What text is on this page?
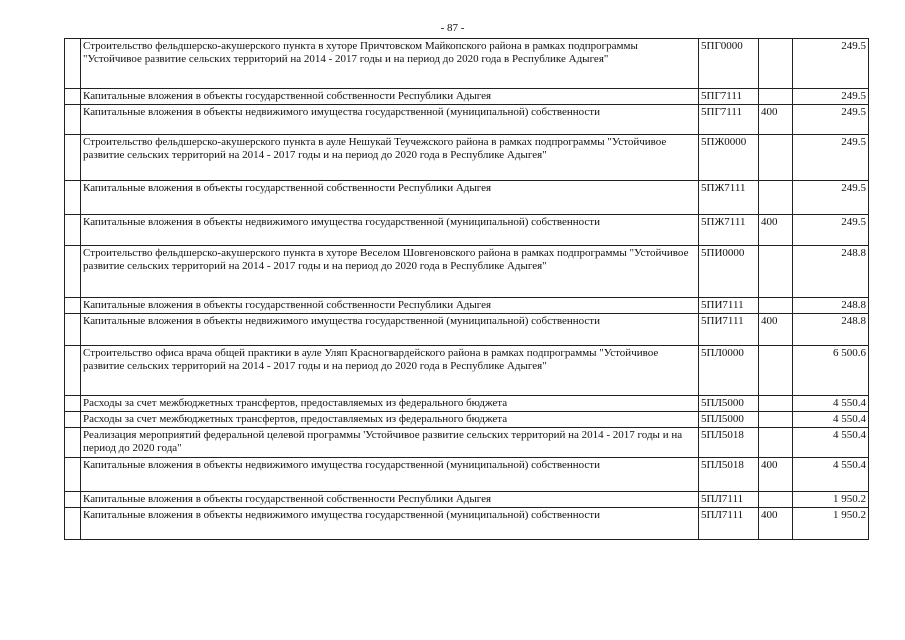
- 87 -
	Строительство фельдшерско-акушерского пункта в хуторе Причтовском Майкопского района в рамках подпрограммы "Устойчивое развитие сельских территорий на 2014 - 2017 годы и на период до 2020 года в Республике Адыгея"	5ПГ0000		249.5
	Капитальные вложения в объекты государственной собственности Республики Адыгея	5ПГ7111		249.5
	Капитальные вложения в объекты недвижимого имущества государственной (муниципальной) собственности	5ПГ7111	400	249.5
	Строительство фельдшерско-акушерского пункта в ауле Нешукай Теучежского района в рамках подпрограммы "Устойчивое развитие сельских территорий на 2014 - 2017 годы и на период до 2020 года в Республике Адыгея"	5ПЖ0000		249.5
	Капитальные вложения в объекты государственной собственности Республики Адыгея	5ПЖ7111		249.5
	Капитальные вложения в объекты недвижимого имущества государственной (муниципальной) собственности	5ПЖ7111	400	249.5
	Строительство фельдшерско-акушерского пункта в хуторе Веселом Шовгеновского района в рамках подпрограммы "Устойчивое развитие сельских территорий на 2014 - 2017 годы и на период до 2020 года в Республике Адыгея"	5ПИ0000		248.8
	Капитальные вложения в объекты государственной собственности Республики Адыгея	5ПИ7111		248.8
	Капитальные вложения в объекты недвижимого имущества государственной (муниципальной) собственности	5ПИ7111	400	248.8
	Строительство офиса врача общей практики в ауле Уляп Красногвардейского района в рамках подпрограммы "Устойчивое развитие сельских территорий на 2014 - 2017 годы и на период до 2020 года в Республике Адыгея"	5ПЛ0000		6 500.6
	Расходы за счет межбюджетных трансфертов, предоставляемых из федерального бюджета	5ПЛ5000		4 550.4
	Расходы за счет межбюджетных трансфертов, предоставляемых из федерального бюджета	5ПЛ5000		4 550.4
	Реализация мероприятий федеральной целевой программы 'Устойчивое развитие сельских территорий на 2014 - 2017 годы и на период до 2020 года"	5ПЛ5018		4 550.4
	Капитальные вложения в объекты недвижимого имущества государственной (муниципальной) собственности	5ПЛ5018	400	4 550.4
	Капитальные вложения в объекты государственной собственности Республики Адыгея	5ПЛ7111		1 950.2
	Капитальные вложения в объекты недвижимого имущества государственной (муниципальной) собственности	5ПЛ7111	400	1 950.2
